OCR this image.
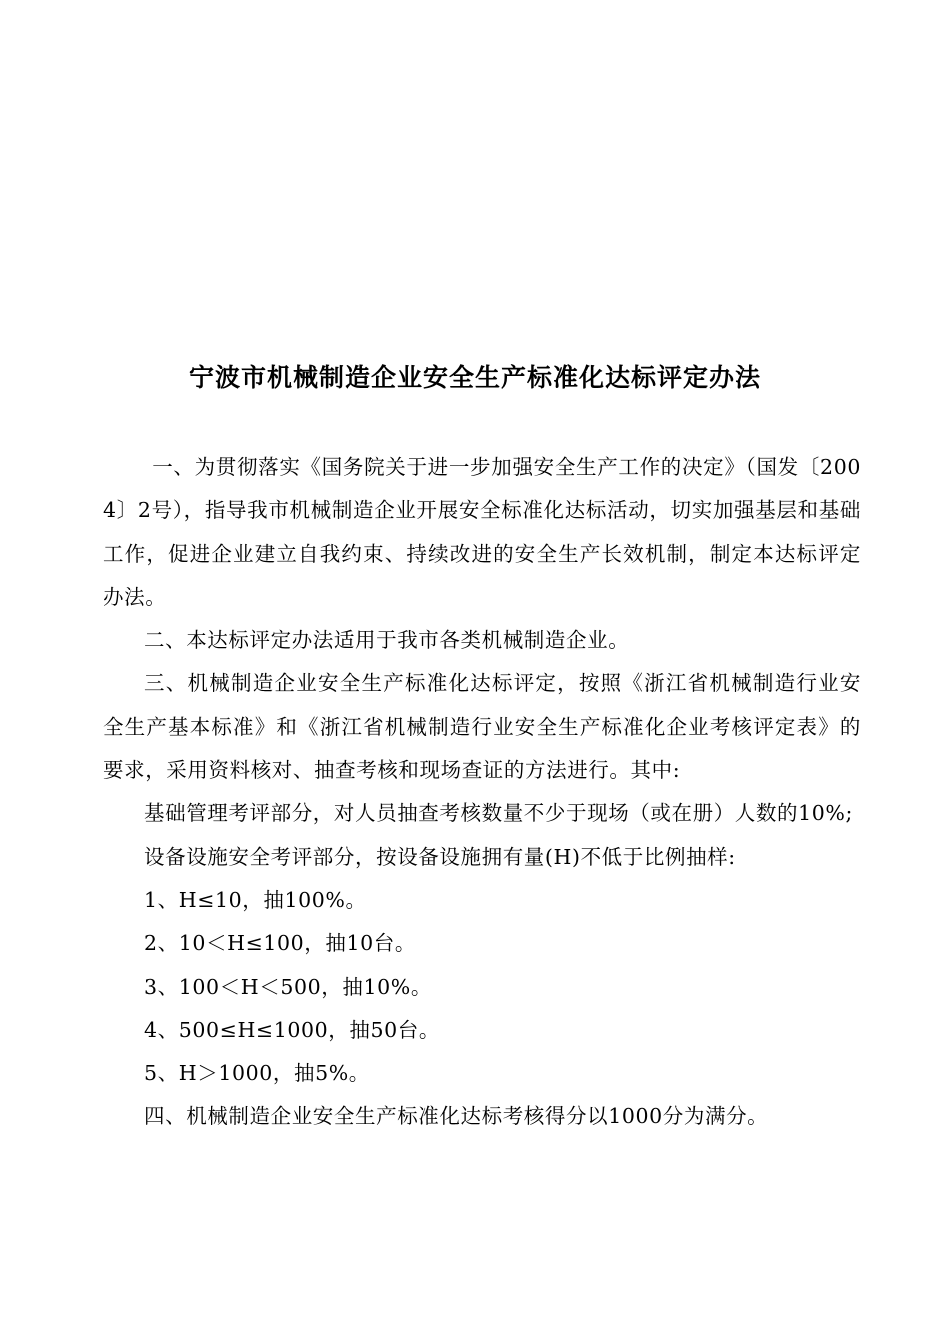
宁波市机械制造企业安全生产标准化达标评定办法

一、为贯彻落实《国务院关于进一步加强安全生产工作的决定》（国发〔2004〕2号），指导我市机械制造企业开展安全标准化达标活动，切实加强基层和基础工作，促进企业建立自我约束、持续改进的安全生产长效机制，制定本达标评定办法。

二、本达标评定办法适用于我市各类机械制造企业。

三、机械制造企业安全生产标准化达标评定，按照《浙江省机械制造行业安全生产基本标准》和《浙江省机械制造行业安全生产标准化企业考核评定表》的要求，采用资料核对、抽查考核和现场查证的方法进行。其中:

基础管理考评部分，对人员抽查考核数量不少于现场（或在册）人数的10%;

设备设施安全考评部分，按设备设施拥有量(H)不低于比例抽样:

1、H≤10，抽100%。

2、10＜H≤100，抽10台。

3、100＜H＜500，抽10%。

4、500≤H≤1000，抽50台。

5、H＞1000，抽5%。

四、机械制造企业安全生产标准化达标考核得分以1000分为满分。
